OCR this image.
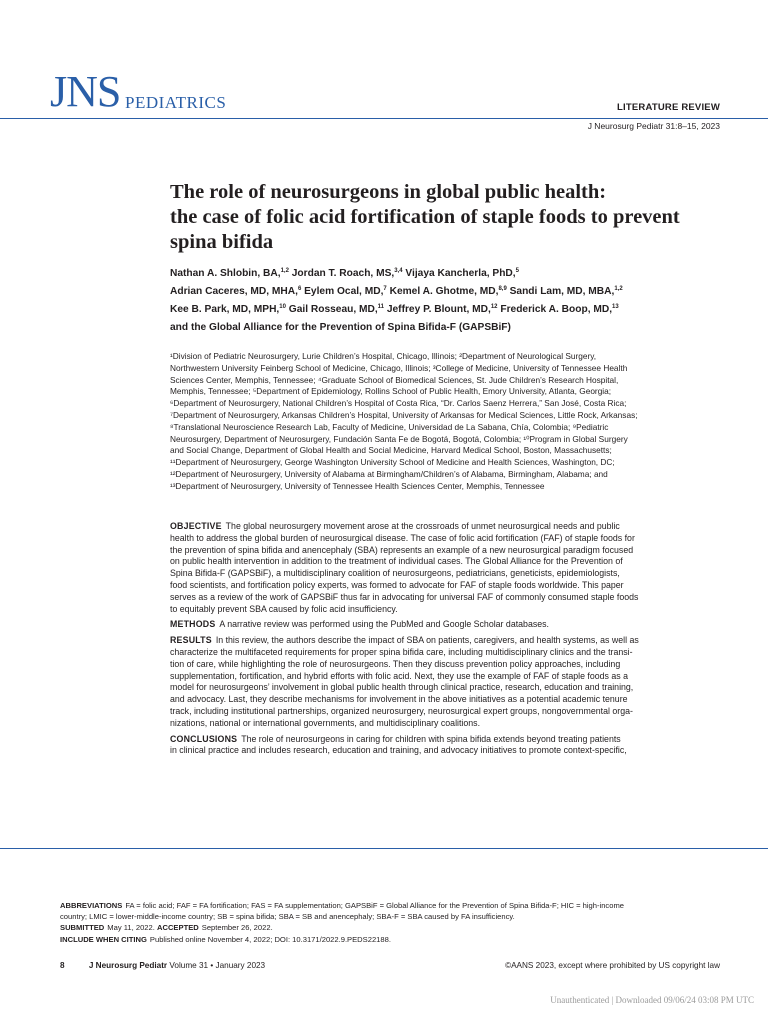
JNS PEDIATRICS	LITERATURE REVIEW
J Neurosurg Pediatr 31:8–15, 2023
The role of neurosurgeons in global public health:
the case of folic acid fortification of staple foods to prevent
spina bifida
Nathan A. Shlobin, BA,$^{1,2}$ Jordan T. Roach, MS,$^{3,4}$ Vijaya Kancherla, PhD,$^5$
Adrian Caceres, MD, MHA,$^6$ Eylem Ocal, MD,$^7$ Kemel A. Ghotme, MD,$^{8,9}$ Sandi Lam, MD, MBA,$^{1,2}$
Kee B. Park, MD, MPH,$^{10}$ Gail Rosseau, MD,$^{11}$ Jeffrey P. Blount, MD,$^{12}$ Frederick A. Boop, MD,$^{13}$
and the Global Alliance for the Prevention of Spina Bifida-F (GAPSBiF)
¹Division of Pediatric Neurosurgery, Lurie Children’s Hospital, Chicago, Illinois; ²Department of Neurological Surgery,
Northwestern University Feinberg School of Medicine, Chicago, Illinois; ³College of Medicine, University of Tennessee Health
Sciences Center, Memphis, Tennessee; ⁴Graduate School of Biomedical Sciences, St. Jude Children’s Research Hospital,
Memphis, Tennessee; ⁵Department of Epidemiology, Rollins School of Public Health, Emory University, Atlanta, Georgia;
⁶Department of Neurosurgery, National Children’s Hospital of Costa Rica, “Dr. Carlos Saenz Herrera,” San José, Costa Rica;
⁷Department of Neurosurgery, Arkansas Children’s Hospital, University of Arkansas for Medical Sciences, Little Rock, Arkansas;
⁸Translational Neuroscience Research Lab, Faculty of Medicine, Universidad de La Sabana, Chía, Colombia; ⁹Pediatric
Neurosurgery, Department of Neurosurgery, Fundación Santa Fe de Bogotá, Bogotá, Colombia; ¹⁰Program in Global Surgery
and Social Change, Department of Global Health and Social Medicine, Harvard Medical School, Boston, Massachusetts;
¹¹Department of Neurosurgery, George Washington University School of Medicine and Health Sciences, Washington, DC;
¹²Department of Neurosurgery, University of Alabama at Birmingham/Children’s of Alabama, Birmingham, Alabama; and
¹³Department of Neurosurgery, University of Tennessee Health Sciences Center, Memphis, Tennessee
OBJECTIVE The global neurosurgery movement arose at the crossroads of unmet neurosurgical needs and public
health to address the global burden of neurosurgical disease. The case of folic acid fortification (FAF) of staple foods for
the prevention of spina bifida and anencephaly (SBA) represents an example of a new neurosurgical paradigm focused
on public health intervention in addition to the treatment of individual cases. The Global Alliance for the Prevention of
Spina Bifida-F (GAPSBiF), a multidisciplinary coalition of neurosurgeons, pediatricians, geneticists, epidemiologists,
food scientists, and fortification policy experts, was formed to advocate for FAF of staple foods worldwide. This paper
serves as a review of the work of GAPSBiF thus far in advocating for universal FAF of commonly consumed staple foods
to equitably prevent SBA caused by folic acid insufficiency.
METHODS A narrative review was performed using the PubMed and Google Scholar databases.
RESULTS In this review, the authors describe the impact of SBA on patients, caregivers, and health systems, as well as
characterize the multifaceted requirements for proper spina bifida care, including multidisciplinary clinics and the transi-
tion of care, while highlighting the role of neurosurgeons. Then they discuss prevention policy approaches, including
supplementation, fortification, and hybrid efforts with folic acid. Next, they use the example of FAF of staple foods as a
model for neurosurgeons’ involvement in global public health through clinical practice, research, education and training,
and advocacy. Last, they describe mechanisms for involvement in the above initiatives as a potential academic tenure
track, including institutional partnerships, organized neurosurgery, neurosurgical expert groups, nongovernmental orga-
nizations, national or international governments, and multidisciplinary coalitions.
CONCLUSIONS The role of neurosurgeons in caring for children with spina bifida extends beyond treating patients
in clinical practice and includes research, education and training, and advocacy initiatives to promote context-specific,
ABBREVIATIONS FA = folic acid; FAF = FA fortification; FAS = FA supplementation; GAPSBiF = Global Alliance for the Prevention of Spina Bifida-F; HIC = high-income
country; LMIC = lower-middle-income country; SB = spina bifida; SBA = SB and anencephaly; SBA-F = SBA caused by FA insufficiency.
SUBMITTED May 11, 2022. ACCEPTED September 26, 2022.
INCLUDE WHEN CITING Published online November 4, 2022; DOI: 10.3171/2022.9.PEDS22188.
8	J Neurosurg Pediatr Volume 31 • January 2023	©AANS 2023, except where prohibited by US copyright law
Unauthenticated | Downloaded 09/06/24 03:08 PM UTC
